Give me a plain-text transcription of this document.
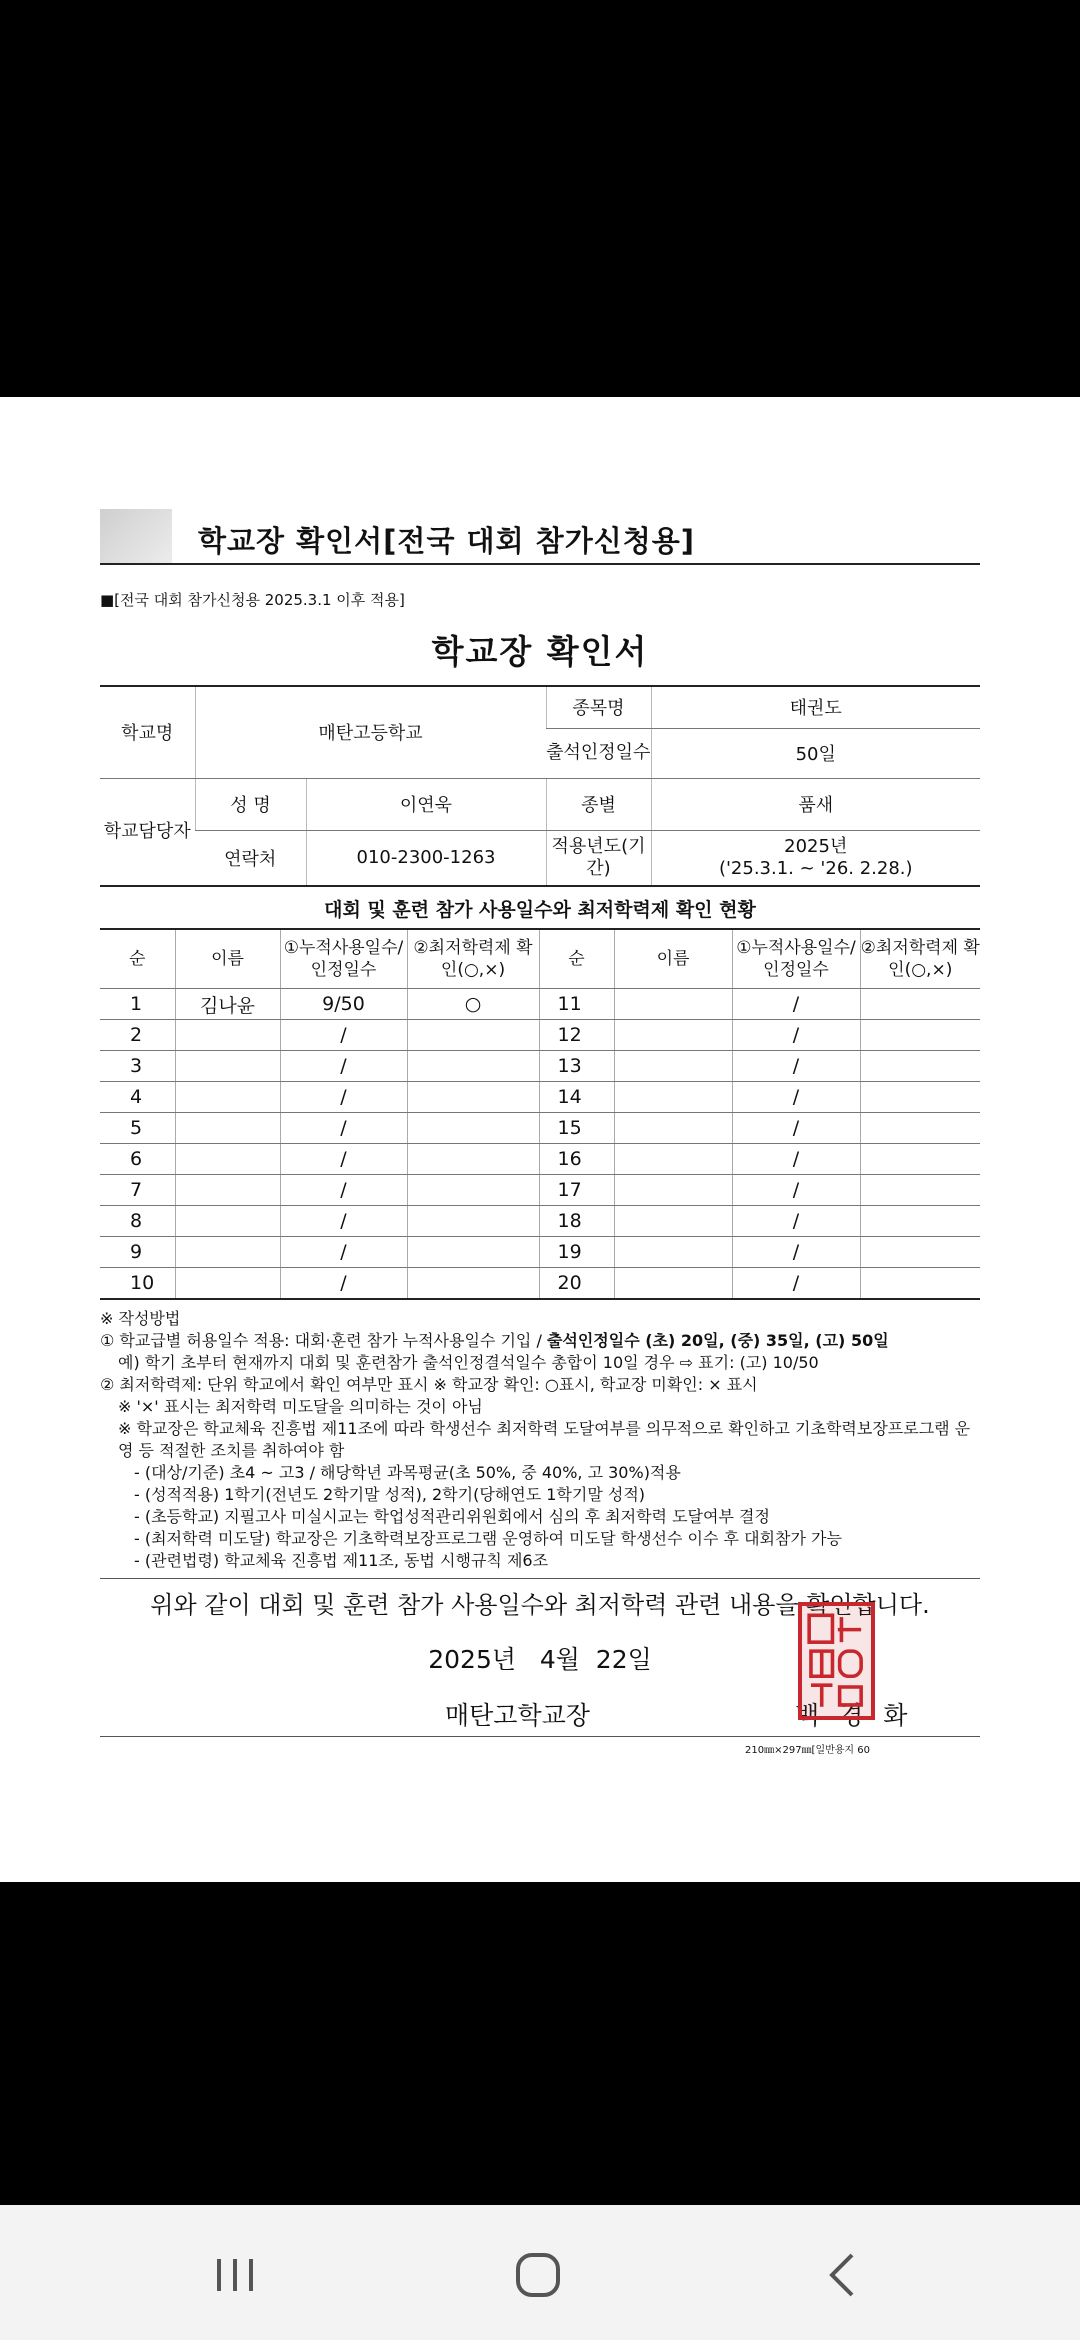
학교장 확인서[전국 대회 참가신청용]
■[전국 대회 참가신청용 2025.3.1 이후 적용]
학교장 확인서
학교명	매탄고등학교		종목명	태권도
			출석인정일수	50일
학교담당자	성 명	이연욱	종별	품새
	연락처	010-2300-1263	적용년도(기간)	2025년
('25.3.1. ~ '26. 2.28.)
대회 및 훈련 참가 사용일수와 최저학력제 확인 현황
순	이름	①누적사용일수/인정일수	②최저학력제 확인(○,×)	순	이름	①누적사용일수/인정일수	②최저학력제 확인(○,×)
1	김나윤	9/50	○	11		/	
2		/		12		/	
3		/		13		/	
4		/		14		/	
5		/		15		/	
6		/		16		/	
7		/		17		/	
8		/		18		/	
9		/		19		/	
10		/		20		/	
※ 작성방법
① 학교급별 허용일수 적용: 대회·훈련 참가 누적사용일수 기입 / 출석인정일수 (초) 20일, (중) 35일, (고) 50일
예) 학기 초부터 현재까지 대회 및 훈련참가 출석인정결석일수 총합이 10일 경우 ⇨ 표기: (고) 10/50
② 최저학력제: 단위 학교에서 확인 여부만 표시 ※ 학교장 확인: ○표시, 학교장 미확인: × 표시
※ '×' 표시는 최저학력 미도달을 의미하는 것이 아님
※ 학교장은 학교체육 진흥법 제11조에 따라 학생선수 최저학력 도달여부를 의무적으로 확인하고 기초학력보장프로그램 운영 등 적절한 조치를 취하여야 함
- (대상/기준) 초4 ~ 고3 / 해당학년 과목평균(초 50%, 중 40%, 고 30%)적용
- (성적적용) 1학기(전년도 2학기말 성적), 2학기(당해연도 1학기말 성적)
- (초등학교) 지필고사 미실시교는 학업성적관리위원회에서 심의 후 최저학력 도달여부 결정
- (최저학력 미도달) 학교장은 기초학력보장프로그램 운영하여 미도달 학생선수 이수 후 대회참가 가능
- (관련법령) 학교체육 진흥법 제11조, 동법 시행규칙 제6조
위와 같이 대회 및 훈련 참가 사용일수와 최저학력 관련 내용을 확인합니다.
2025년   4월  22일
매탄고학교장	백 경 화
210㎜×297㎜[일반용지 60
